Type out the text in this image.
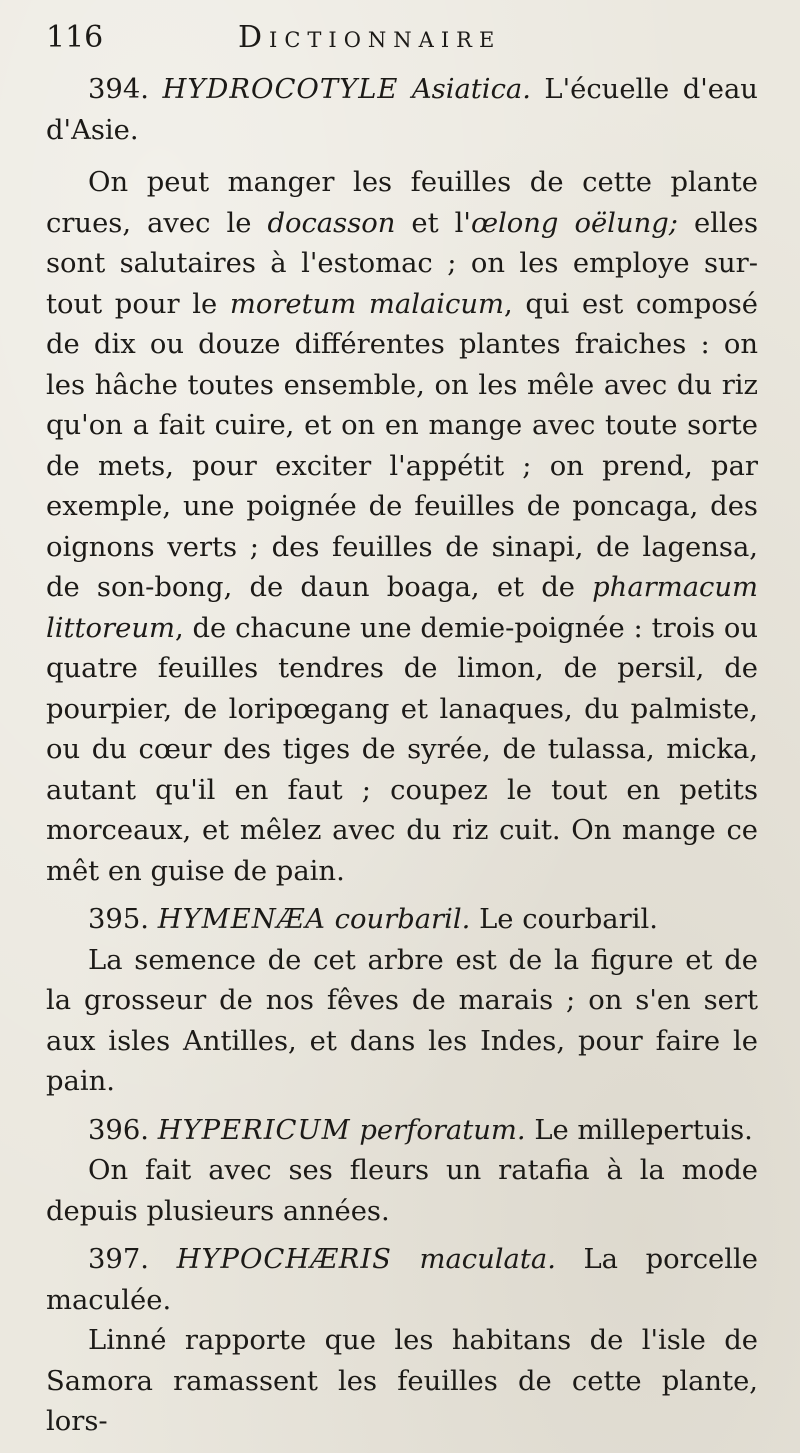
116	Dictionnaire

394. HYDROCOTYLE Asiatica. L'écuelle d'eau d'Asie.

On peut manger les feuilles de cette plante crues, avec le docasson et l'œlong oëlung; elles sont salutaires à l'estomac ; on les employe sur-tout pour le moretum malaicum, qui est composé de dix ou douze différentes plantes fraiches : on les hâche toutes ensemble, on les mêle avec du riz qu'on a fait cuire, et on en mange avec toute sorte de mets, pour exciter l'appétit ; on prend, par exemple, une poignée de feuilles de poncaga, des oignons verts ; des feuilles de sinapi, de lagensa, de son-bong, de daun boaga, et de pharmacum littoreum, de chacune une demie-poignée : trois ou quatre feuilles tendres de limon, de persil, de pourpier, de loripœgang et lanaques, du palmiste, ou du cœur des tiges de syrée, de tulassa, micka, autant qu'il en faut ; coupez le tout en petits morceaux, et mêlez avec du riz cuit. On mange ce mêt en guise de pain.

395. HYMENÆA courbaril. Le courbaril.

La semence de cet arbre est de la figure et de la grosseur de nos fêves de marais ; on s'en sert aux isles Antilles, et dans les Indes, pour faire le pain.

396. HYPERICUM perforatum. Le millepertuis.

On fait avec ses fleurs un ratafia à la mode depuis plusieurs années.

397. HYPOCHÆRIS maculata. La porcelle maculée.

Linné rapporte que les habitans de l'isle de Samora ramassent les feuilles de cette plante, lors-
